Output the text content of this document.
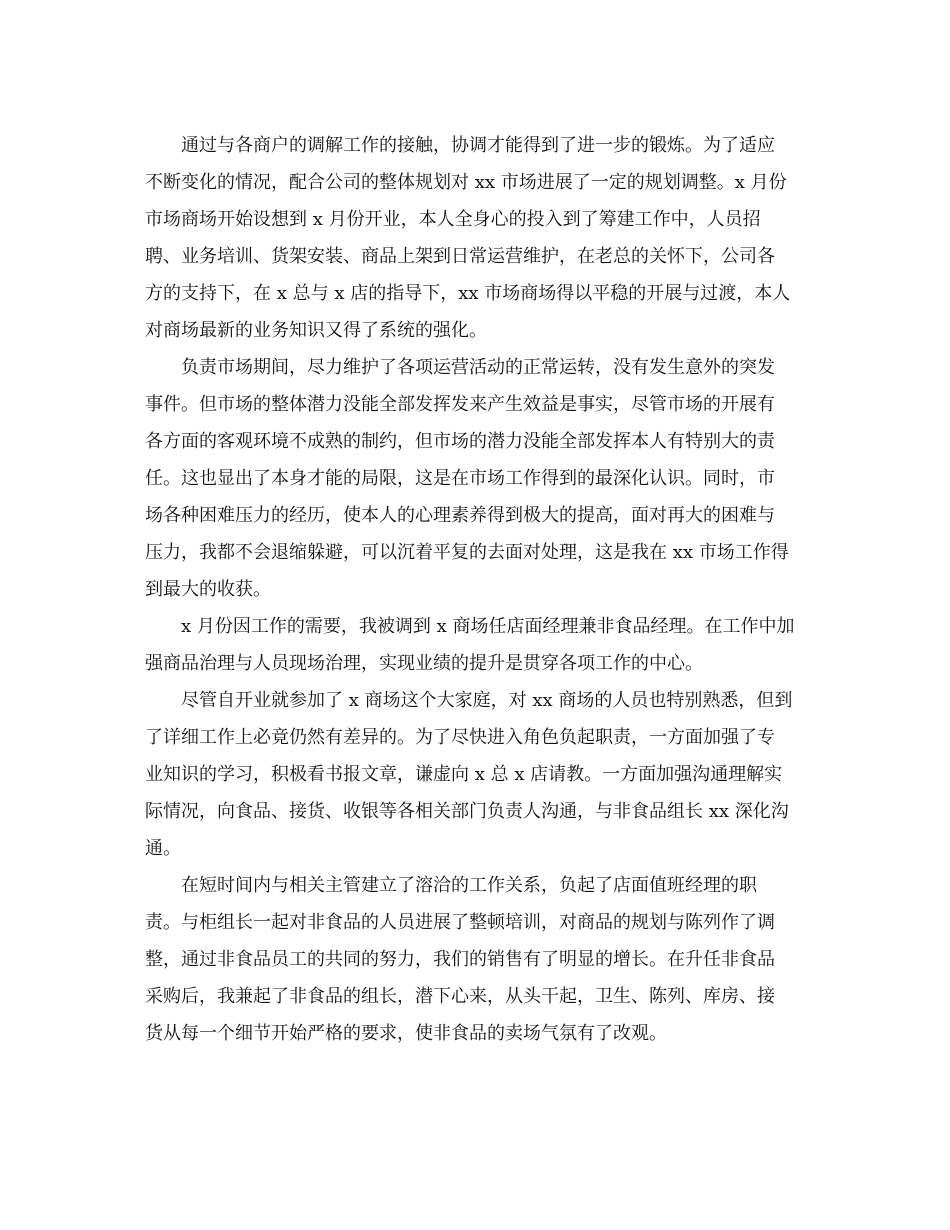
通过与各商户的调解工作的接触，协调才能得到了进一步的锻炼。为了适应
不断变化的情况，配合公司的整体规划对 xx 市场进展了一定的规划调整。x 月份
市场商场开始设想到 x 月份开业，本人全身心的投入到了筹建工作中，人员招
聘、业务培训、货架安装、商品上架到日常运营维护，在老总的关怀下，公司各
方的支持下，在 x 总与 x 店的指导下，xx 市场商场得以平稳的开展与过渡，本人
对商场最新的业务知识又得了系统的强化。
负责市场期间，尽力维护了各项运营活动的正常运转，没有发生意外的突发
事件。但市场的整体潜力没能全部发挥发来产生效益是事实，尽管市场的开展有
各方面的客观环境不成熟的制约，但市场的潜力没能全部发挥本人有特别大的责
任。这也显出了本身才能的局限，这是在市场工作得到的最深化认识。同时，市
场各种困难压力的经历，使本人的心理素养得到极大的提高，面对再大的困难与
压力，我都不会退缩躲避，可以沉着平复的去面对处理，这是我在 xx 市场工作得
到最大的收获。
x 月份因工作的需要，我被调到 x 商场任店面经理兼非食品经理。在工作中加
强商品治理与人员现场治理，实现业绩的提升是贯穿各项工作的中心。
尽管自开业就参加了 x 商场这个大家庭，对 xx 商场的人员也特别熟悉，但到
了详细工作上必竟仍然有差异的。为了尽快进入角色负起职责，一方面加强了专
业知识的学习，积极看书报文章，谦虚向 x 总 x 店请教。一方面加强沟通理解实
际情况，向食品、接货、收银等各相关部门负责人沟通，与非食品组长 xx 深化沟
通。
在短时间内与相关主管建立了溶洽的工作关系，负起了店面值班经理的职
责。与柜组长一起对非食品的人员进展了整顿培训，对商品的规划与陈列作了调
整，通过非食品员工的共同的努力，我们的销售有了明显的增长。在升任非食品
采购后，我兼起了非食品的组长，潜下心来，从头干起，卫生、陈列、库房、接
货从每一个细节开始严格的要求，使非食品的卖场气氛有了改观。
